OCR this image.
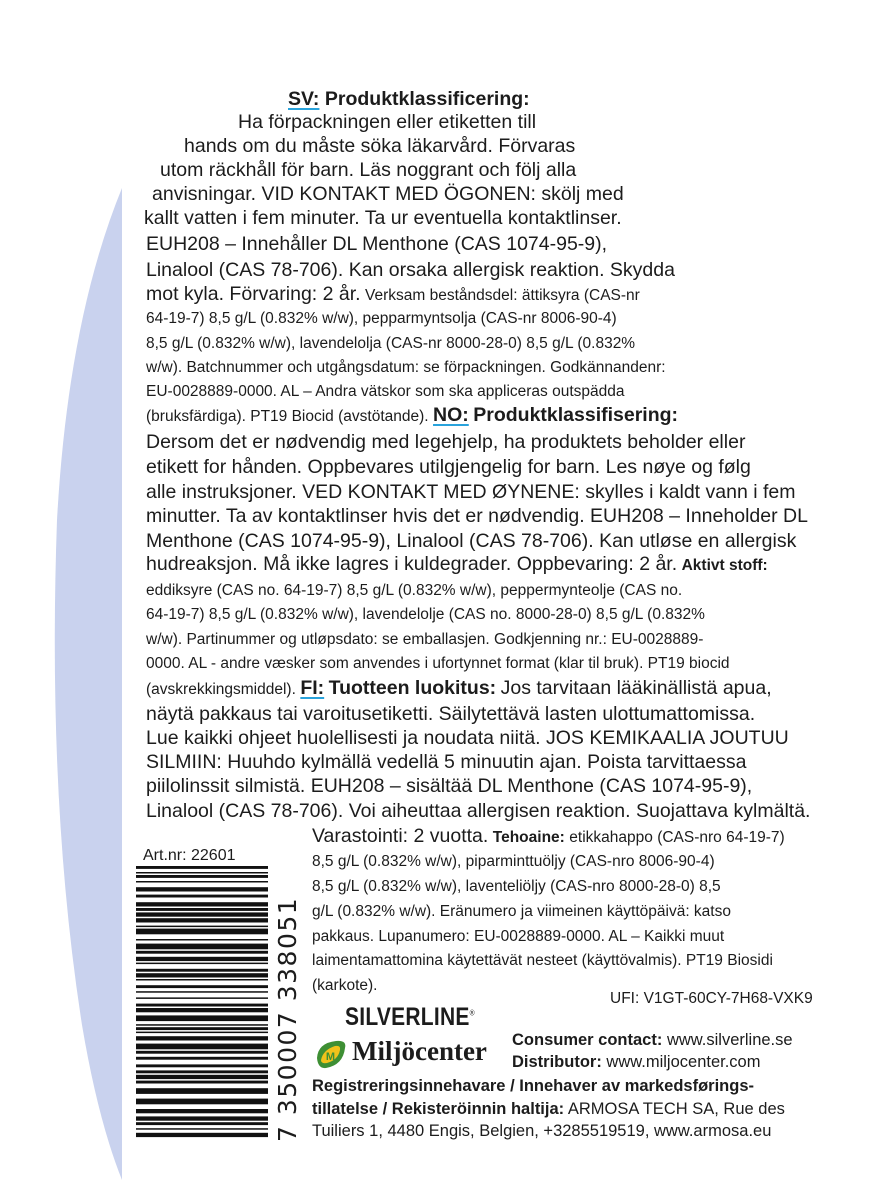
SV: Produktklassificering:
Ha förpackningen eller etiketten till
hands om du måste söka läkarvård. Förvaras
utom räckhåll för barn. Läs noggrant och följ alla
anvisningar. VID KONTAKT MED ÖGONEN: skölj med
kallt vatten i fem minuter. Ta ur eventuella kontaktlinser.
EUH208 – Innehåller DL Menthone (CAS 1074-95-9),
Linalool (CAS 78-706). Kan orsaka allergisk reaktion. Skydda
mot kyla. Förvaring: 2 år. Verksam beståndsdel: ättiksyra (CAS-nr
64-19-7) 8,5 g/L (0.832% w/w), pepparmyntsolja (CAS-nr 8006-90-4)
8,5 g/L (0.832% w/w), lavendelolja (CAS-nr 8000-28-0) 8,5 g/L (0.832%
w/w). Batchnummer och utgångsdatum: se förpackningen. Godkännandenr:
EU-0028889-0000. AL – Andra vätskor som ska appliceras outspädda
(bruksfärdiga). PT19 Biocid (avstötande). NO: Produktklassifisering:
Dersom det er nødvendig med legehjelp, ha produktets beholder eller
etikett for hånden. Oppbevares utilgjengelig for barn. Les nøye og følg
alle instruksjoner. VED KONTAKT MED ØYNENE: skylles i kaldt vann i fem
minutter. Ta av kontaktlinser hvis det er nødvendig. EUH208 – Inneholder DL
Menthone (CAS 1074-95-9), Linalool (CAS 78-706). Kan utløse en allergisk
hudreaksjon. Må ikke lagres i kuldegrader. Oppbevaring: 2 år. Aktivt stoff:
eddiksyre (CAS no. 64-19-7) 8,5 g/L (0.832% w/w), peppermynteolje (CAS no.
64-19-7) 8,5 g/L (0.832% w/w), lavendelolje (CAS no. 8000-28-0) 8,5 g/L (0.832%
w/w). Partinummer og utløpsdato: se emballasjen. Godkjenning nr.: EU-0028889-
0000. AL - andre væsker som anvendes i ufortynnet format (klar til bruk). PT19 biocid
(avskrekkingsmiddel). FI: Tuotteen luokitus: Jos tarvitaan lääkinällistä apua,
näytä pakkaus tai varoitusetiketti. Säilytettävä lasten ulottumattomissa.
Lue kaikki ohjeet huolellisesti ja noudata niitä. JOS KEMIKAALIA JOUTUU
SILMIIN: Huuhdo kylmällä vedellä 5 minuutin ajan. Poista tarvittaessa
piilolinssit silmistä. EUH208 – sisältää DL Menthone (CAS 1074-95-9),
Linalool (CAS 78-706). Voi aiheuttaa allergisen reaktion. Suojattava kylmältä.
Varastointi: 2 vuotta. Tehoaine: etikkahappo (CAS-nro 64-19-7)
8,5 g/L (0.832% w/w), piparminttuöljy (CAS-nro 8006-90-4)
8,5 g/L (0.832% w/w), laventeliöljy (CAS-nro 8000-28-0) 8,5
g/L (0.832% w/w). Eränumero ja viimeinen käyttöpäivä: katso
pakkaus. Lupanumero: EU-0028889-0000. AL – Kaikki muut
laimentamattomina käytettävät nesteet (käyttövalmis). PT19 Biosidi
(karkote).
UFI: V1GT-60CY-7H68-VXK9
Art.nr: 22601
7 350007 338051 SILVERLINE®
M Miljöcenter Consumer contact: www.silverline.se
Distributor: www.miljocenter.com
Registreringsinnehavare / Innehaver av markedsførings-
tillatelse / Rekisteröinnin haltija: ARMOSA TECH SA, Rue des
Tuiliers 1, 4480 Engis, Belgien, +3285519519, www.armosa.eu
